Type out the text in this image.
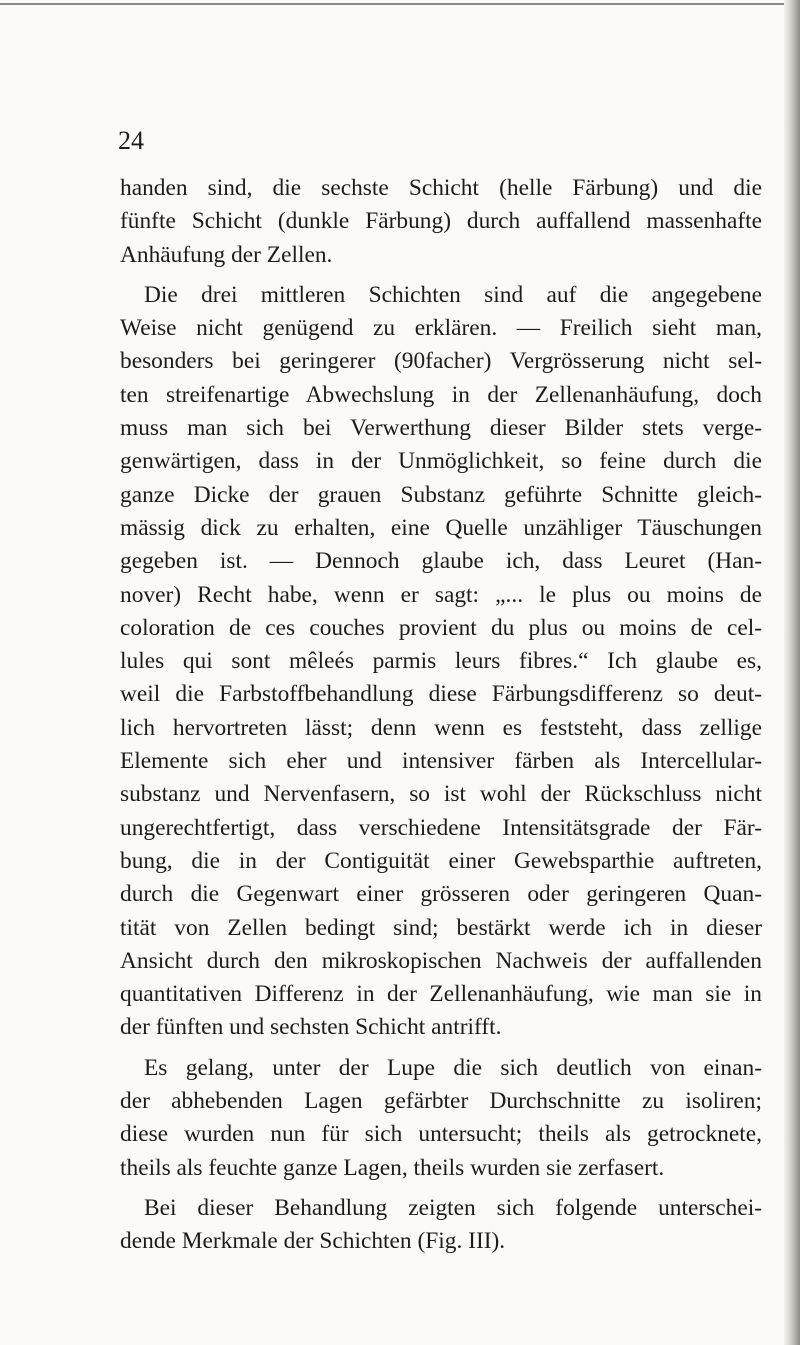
24
handen sind, die sechste Schicht (helle Färbung) und die
fünfte Schicht (dunkle Färbung) durch auffallend massenhafte
Anhäufung der Zellen.
Die drei mittleren Schichten sind auf die angegebene
Weise nicht genügend zu erklären. — Freilich sieht man,
besonders bei geringerer (90facher) Vergrösserung nicht sel-
ten streifenartige Abwechslung in der Zellenanhäufung, doch
muss man sich bei Verwerthung dieser Bilder stets verge-
genwärtigen, dass in der Unmöglichkeit, so feine durch die
ganze Dicke der grauen Substanz geführte Schnitte gleich-
mässig dick zu erhalten, eine Quelle unzähliger Täuschungen
gegeben ist. — Dennoch glaube ich, dass Leuret (Han-
nover) Recht habe, wenn er sagt: „... le plus ou moins de
coloration de ces couches provient du plus ou moins de cel-
lules qui sont mêleés parmis leurs fibres.“ Ich glaube es,
weil die Farbstoffbehandlung diese Färbungsdifferenz so deut-
lich hervortreten lässt; denn wenn es feststeht, dass zellige
Elemente sich eher und intensiver färben als Intercellular-
substanz und Nervenfasern, so ist wohl der Rückschluss nicht
ungerechtfertigt, dass verschiedene Intensitätsgrade der Fär-
bung, die in der Contiguität einer Gewebsparthie auftreten,
durch die Gegenwart einer grösseren oder geringeren Quan-
tität von Zellen bedingt sind; bestärkt werde ich in dieser
Ansicht durch den mikroskopischen Nachweis der auffallenden
quantitativen Differenz in der Zellenanhäufung, wie man sie in
der fünften und sechsten Schicht antrifft.
Es gelang, unter der Lupe die sich deutlich von einan-
der abhebenden Lagen gefärbter Durchschnitte zu isoliren;
diese wurden nun für sich untersucht; theils als getrocknete,
theils als feuchte ganze Lagen, theils wurden sie zerfasert.
Bei dieser Behandlung zeigten sich folgende unterschei-
dende Merkmale der Schichten (Fig. III).
